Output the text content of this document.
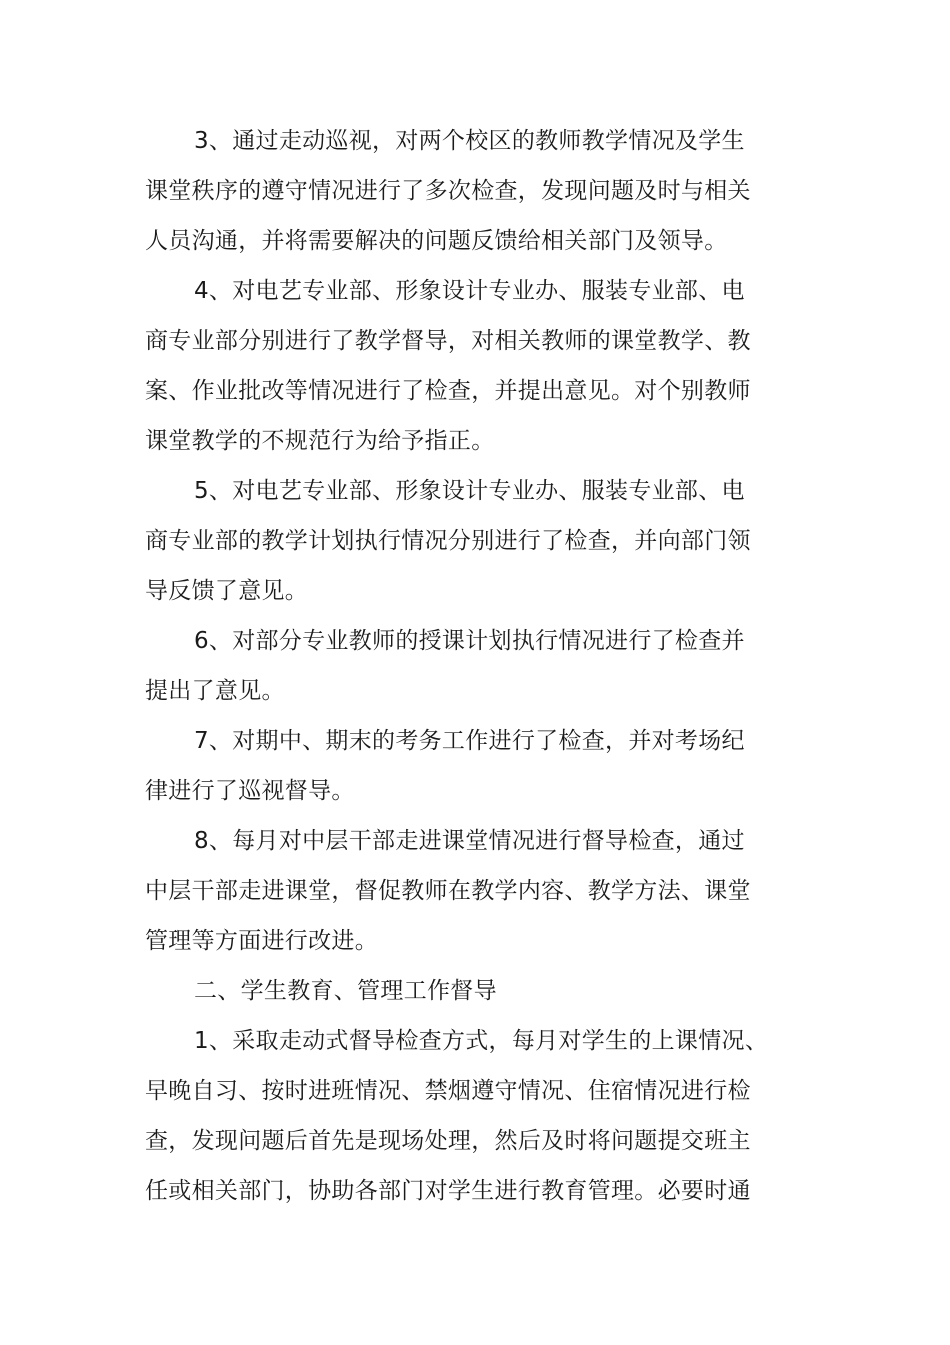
3、通过走动巡视，对两个校区的教师教学情况及学生
课堂秩序的遵守情况进行了多次检查，发现问题及时与相关
人员沟通，并将需要解决的问题反馈给相关部门及领导。
4、对电艺专业部、形象设计专业办、服装专业部、电
商专业部分别进行了教学督导，对相关教师的课堂教学、教
案、作业批改等情况进行了检查，并提出意见。对个别教师
课堂教学的不规范行为给予指正。
5、对电艺专业部、形象设计专业办、服装专业部、电
商专业部的教学计划执行情况分别进行了检查，并向部门领
导反馈了意见。
6、对部分专业教师的授课计划执行情况进行了检查并
提出了意见。
7、对期中、期末的考务工作进行了检查，并对考场纪
律进行了巡视督导。
8、每月对中层干部走进课堂情况进行督导检查，通过
中层干部走进课堂，督促教师在教学内容、教学方法、课堂
管理等方面进行改进。
二、学生教育、管理工作督导
1、采取走动式督导检查方式，每月对学生的上课情况、
早晚自习、按时进班情况、禁烟遵守情况、住宿情况进行检
查，发现问题后首先是现场处理，然后及时将问题提交班主
任或相关部门，协助各部门对学生进行教育管理。必要时通
